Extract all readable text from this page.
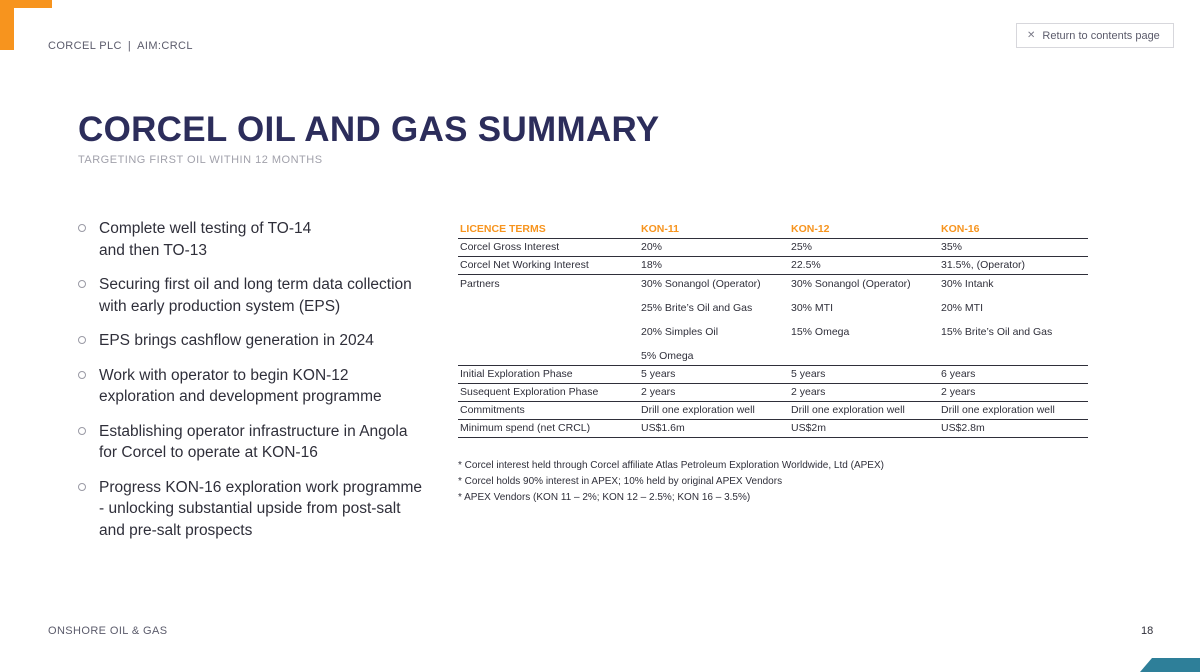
CORCEL PLC | AIM:CRCL
✕ Return to contents page
CORCEL OIL AND GAS SUMMARY
TARGETING FIRST OIL WITHIN 12 MONTHS
Complete well testing of TO-14
and then TO-13
Securing first oil and long term data collection
with early production system (EPS)
EPS brings cashflow generation in 2024
Work with operator to begin KON-12
exploration and development programme
Establishing operator infrastructure in Angola
for Corcel to operate at KON-16
Progress KON-16 exploration work programme
- unlocking substantial upside from post-salt
and pre-salt prospects
LICENCE TERMS	KON-11	KON-12	KON-16
Corcel Gross Interest	20%	25%	35%
Corcel Net Working Interest	18%	22.5%	31.5%, (Operator)
Partners	30% Sonangol (Operator)	30% Sonangol (Operator)	30% Intank
	25% Brite’s Oil and Gas	30% MTI	20% MTI
	20% Simples Oil	15% Omega	15% Brite’s Oil and Gas
	5% Omega		
Initial Exploration Phase	5 years	5 years	6 years
Susequent Exploration Phase	2 years	2 years	2 years
Commitments	Drill one exploration well	Drill one exploration well	Drill one exploration well
Minimum spend (net CRCL)	US$1.6m	US$2m	US$2.8m
* Corcel interest held through Corcel affiliate Atlas Petroleum Exploration Worldwide, Ltd (APEX)
* Corcel holds 90% interest in APEX; 10% held by original APEX Vendors
* APEX Vendors (KON 11 – 2%; KON 12 – 2.5%; KON 16 – 3.5%)
ONSHORE OIL & GAS	18
